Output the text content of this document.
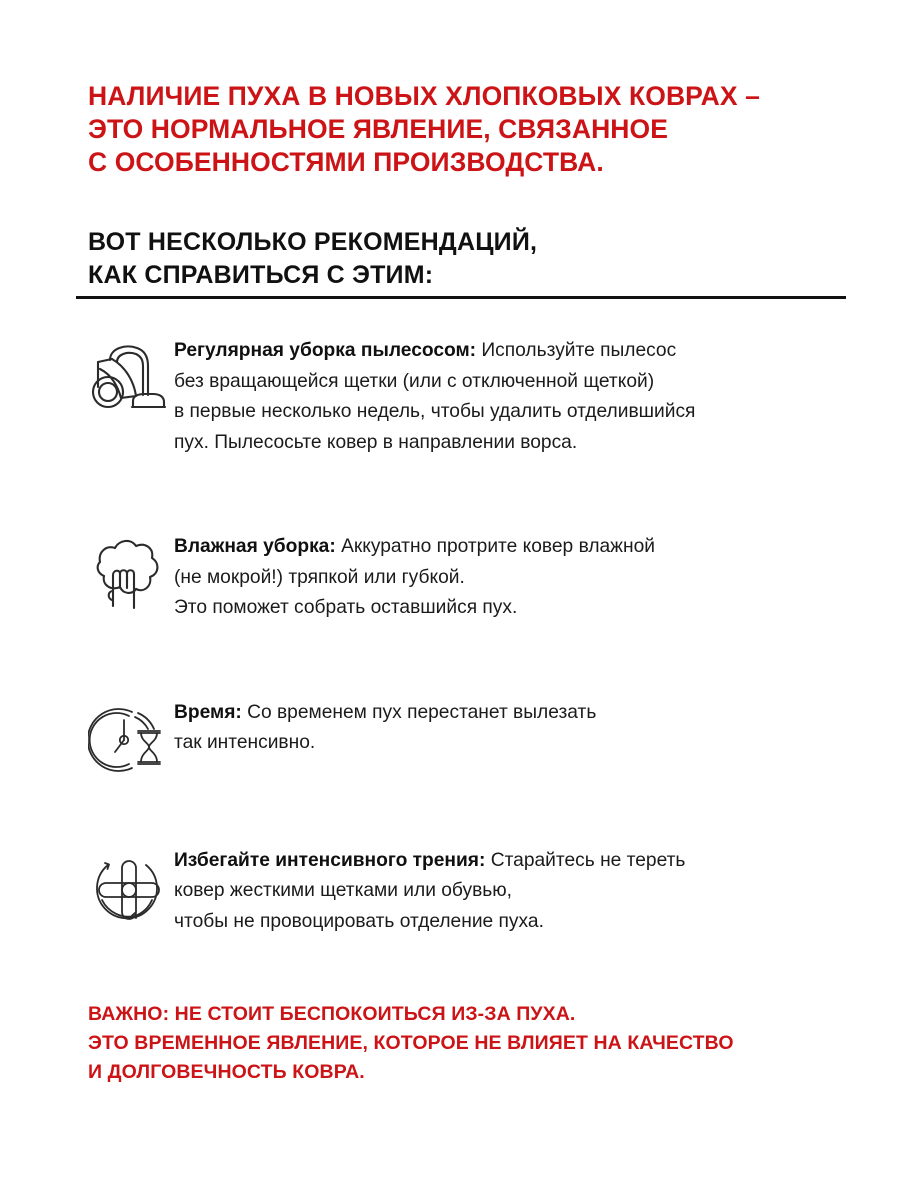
НАЛИЧИЕ ПУХА В НОВЫХ ХЛОПКОВЫХ КОВРАХ –
ЭТО НОРМАЛЬНОЕ ЯВЛЕНИЕ, СВЯЗАННОЕ
С ОСОБЕННОСТЯМИ ПРОИЗВОДСТВА.
ВОТ НЕСКОЛЬКО РЕКОМЕНДАЦИЙ,
КАК СПРАВИТЬСЯ С ЭТИМ:
Регулярная уборка пылесосом: Используйте пылесос
без вращающейся щетки (или с отключенной щеткой)
в первые несколько недель, чтобы удалить отделившийся
пух. Пылесосьте ковер в направлении ворса.
Влажная уборка: Аккуратно протрите ковер влажной
(не мокрой!) тряпкой или губкой.
Это поможет собрать оставшийся пух.
Время: Со временем пух перестанет вылезать
так интенсивно.
Избегайте интенсивного трения: Старайтесь не тереть
ковер жесткими щетками или обувью,
чтобы не провоцировать отделение пуха.
ВАЖНО: НЕ СТОИТ БЕСПОКОИТЬСЯ ИЗ-ЗА ПУХА.
ЭТО ВРЕМЕННОЕ ЯВЛЕНИЕ, КОТОРОЕ НЕ ВЛИЯЕТ НА КАЧЕСТВО
И ДОЛГОВЕЧНОСТЬ КОВРА.
